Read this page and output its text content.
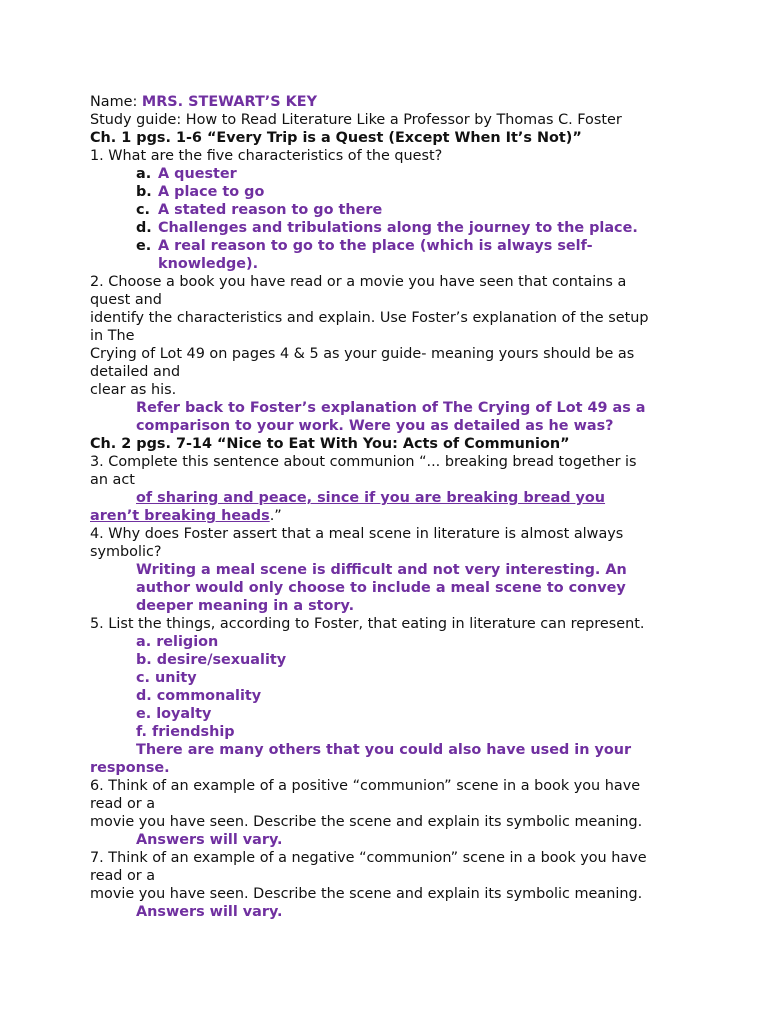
Name: MRS. STEWART’S KEY
Study guide: How to Read Literature Like a Professor by Thomas C. Foster
Ch. 1 pgs. 1-6 “Every Trip is a Quest (Except When It’s Not)”
1. What are the five characteristics of the quest?
a. A quester
b. A place to go
c. A stated reason to go there
d. Challenges and tribulations along the journey to the place.
e. A real reason to go to the place (which is always self-
knowledge).
2. Choose a book you have read or a movie you have seen that contains a
quest and
identify the characteristics and explain. Use Foster’s explanation of the setup
in The
Crying of Lot 49 on pages 4 & 5 as your guide- meaning yours should be as
detailed and
clear as his.
Refer back to Foster’s explanation of The Crying of Lot 49 as a
comparison to your work. Were you as detailed as he was?
Ch. 2 pgs. 7-14 “Nice to Eat With You: Acts of Communion”
3. Complete this sentence about communion “... breaking bread together is
an act
of sharing and peace, since if you are breaking bread you
aren’t breaking heads.”
4. Why does Foster assert that a meal scene in literature is almost always
symbolic?
Writing a meal scene is difficult and not very interesting. An
author would only choose to include a meal scene to convey
deeper meaning in a story.
5. List the things, according to Foster, that eating in literature can represent.
a. religion
b. desire/sexuality
c. unity
d. commonality
e. loyalty
f. friendship
There are many others that you could also have used in your
response.
6. Think of an example of a positive “communion” scene in a book you have
read or a
movie you have seen. Describe the scene and explain its symbolic meaning.
Answers will vary.
7. Think of an example of a negative “communion” scene in a book you have
read or a
movie you have seen. Describe the scene and explain its symbolic meaning.
Answers will vary.
